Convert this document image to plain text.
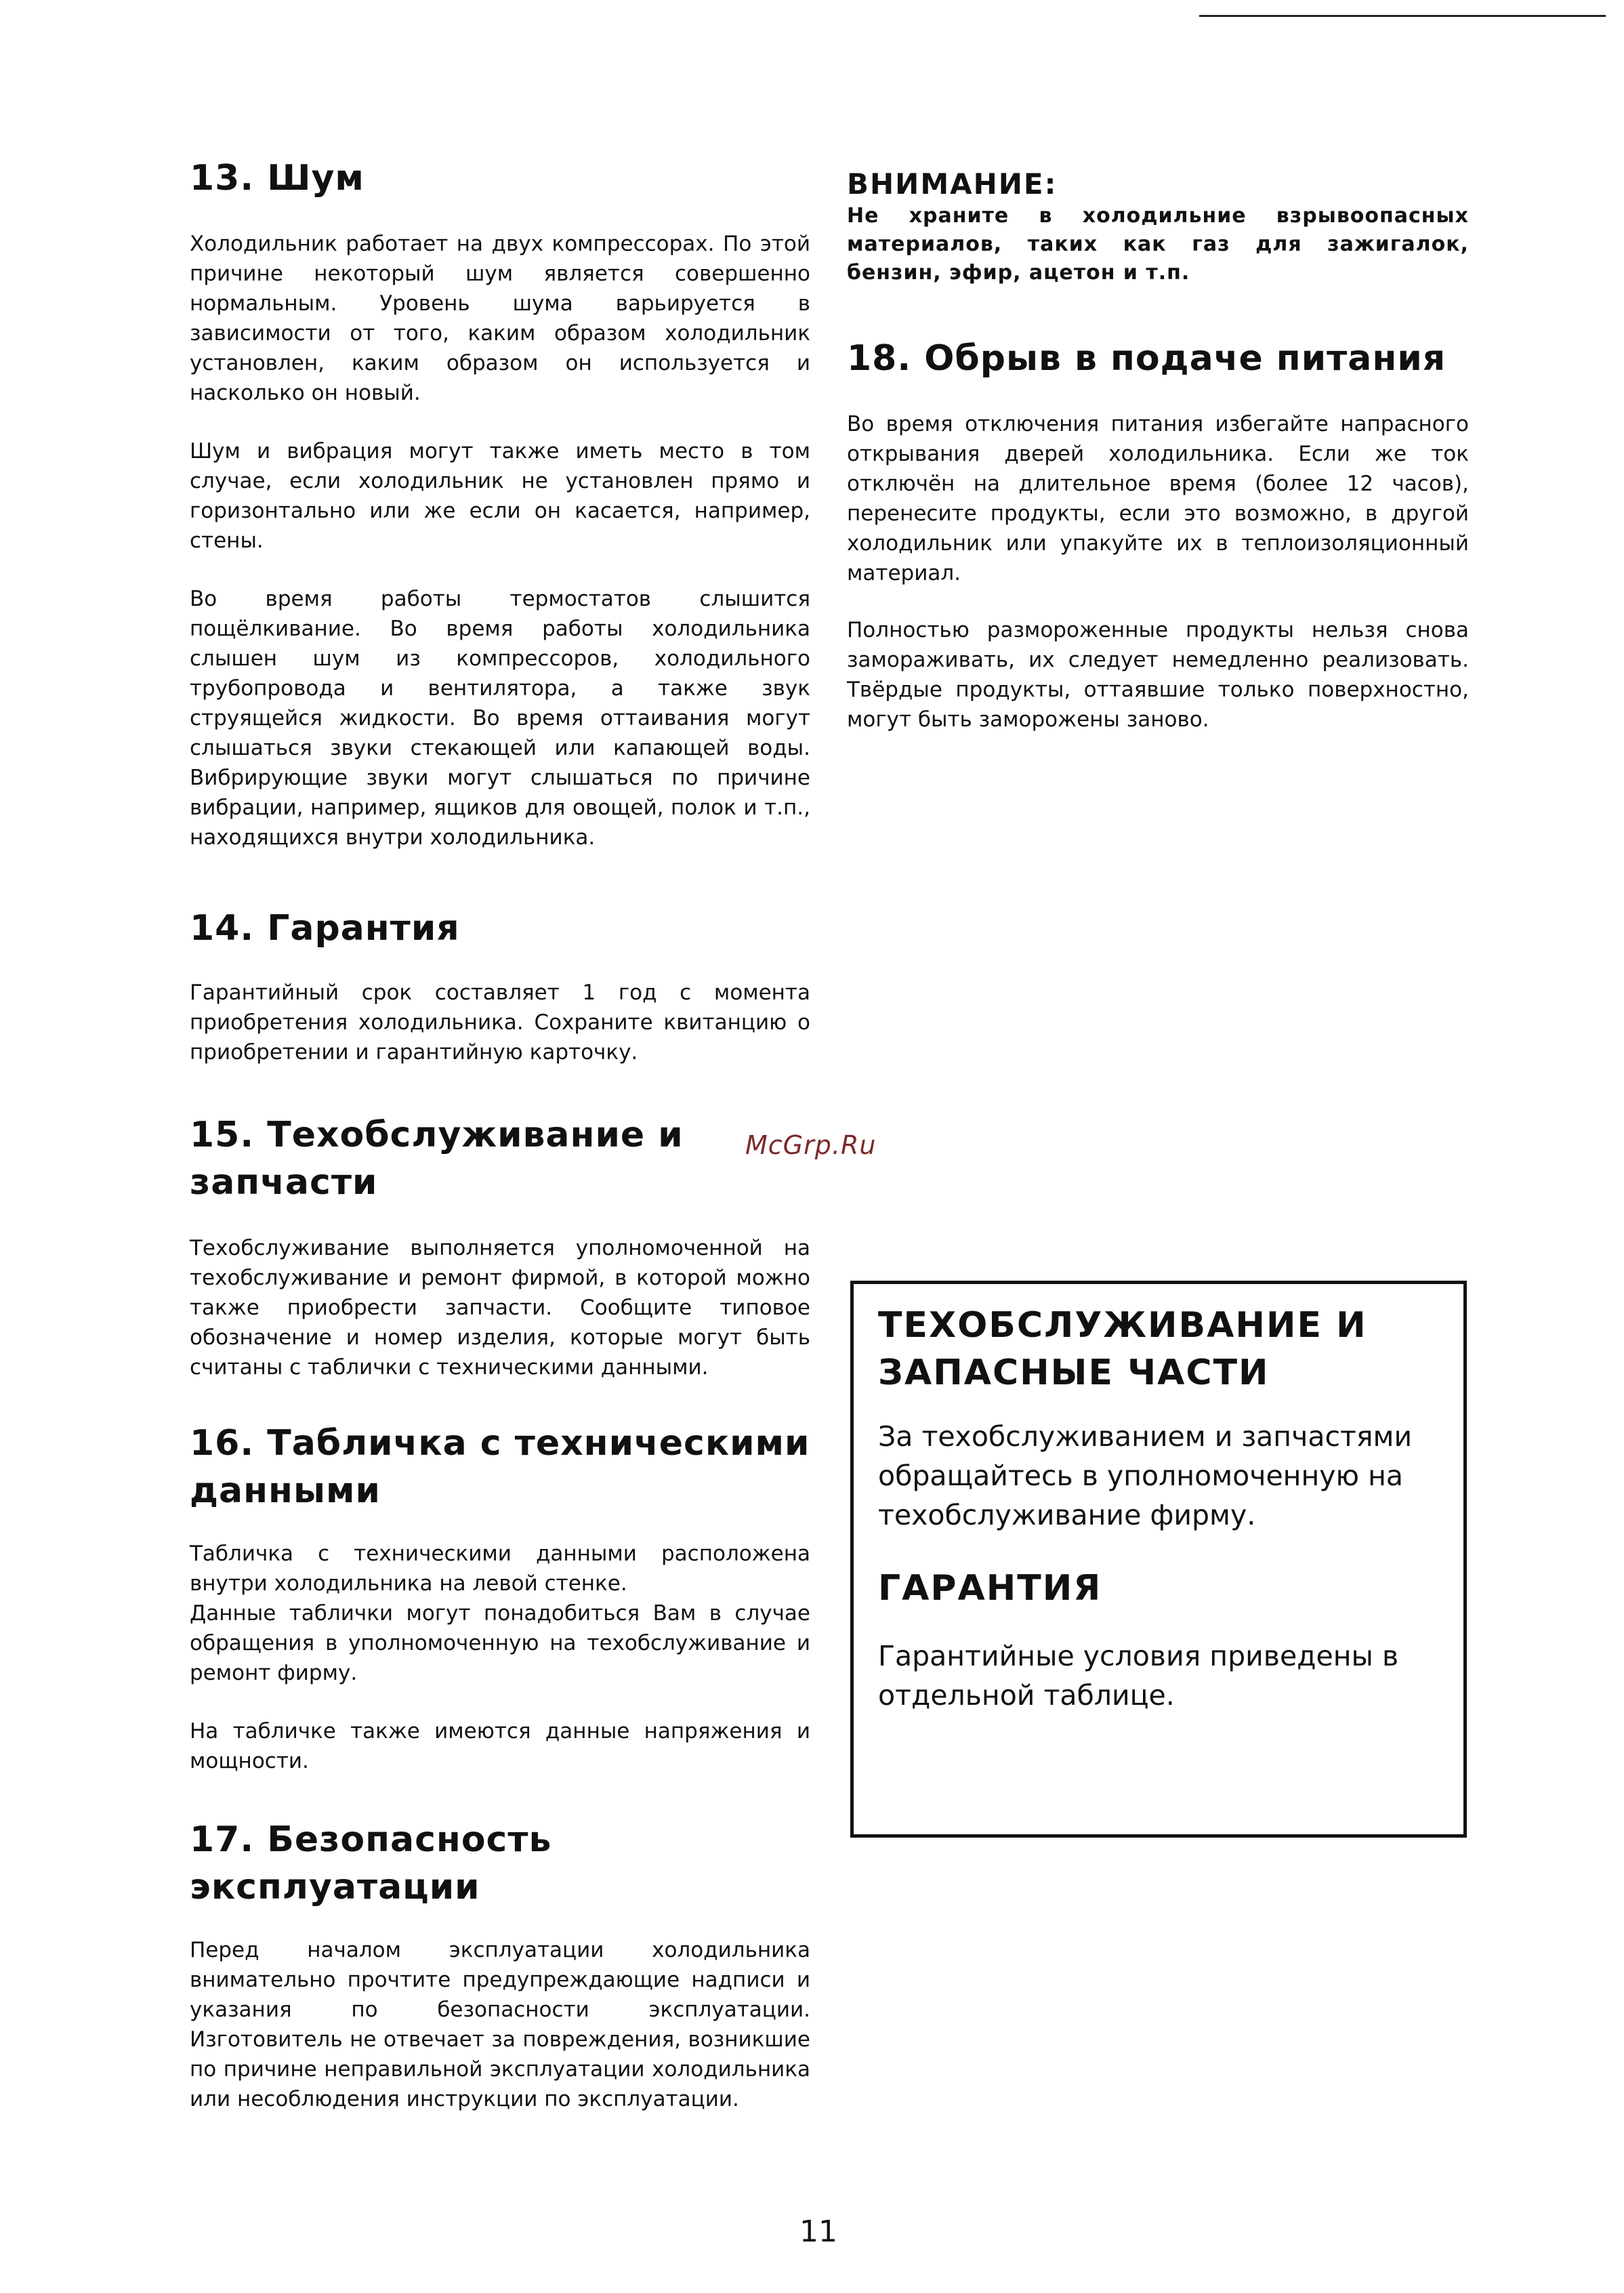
13. Шум

Холодильник работает на двух компрессорах. По этой причине некоторый шум является совершенно нормальным. Уровень шума варьируется в зависимости от того, каким образом холодильник установлен, каким образом он используется и насколько он новый.

Шум и вибрация могут также иметь место в том случае, если холодильник не установлен прямо и горизонтально или же если он касается, например, стены.

Во время работы термостатов слышится пощёлкивание. Во время работы холодильника слышен шум из компрессоров, холодильного трубопровода и вентилятора, а также звук струящейся жидкости. Во время оттаивания могут слышаться звуки стекающей или капающей воды. Вибрирующие звуки могут слышаться по причине вибрации, например, ящиков для овощей, полок и т.п., находящихся внутри холодильника.

14. Гарантия

Гарантийный срок составляет 1 год с момента приобретения холодильника. Сохраните квитанцию о приобретении и гарантийную карточку.

15. Техобслуживание и запчасти

Техобслуживание выполняется уполномоченной на техобслуживание и ремонт фирмой, в которой можно также приобрести запчасти. Сообщите типовое обозначение и номер изделия, которые могут быть считаны с таблички с техническими данными.

16. Табличка с техническими данными

Табличка с техническими данными расположена внутри холодильника на левой стенке.

Данные таблички могут понадобиться Вам в случае обращения в уполномоченную на техобслуживание и ремонт фирму.

На табличке также имеются данные напряжения и мощности.

17. Безопасность эксплуатации

Перед началом эксплуатации холодильника внимательно прочтите предупреждающие надписи и указания по безопасности эксплуатации. Изготовитель не отвечает за повреждения, возникшие по причине неправильной эксплуатации холодильника или несоблюдения инструкции по эксплуатации.

ВНИМАНИЕ:
Не храните в холодильние взрывоопасных материалов, таких как газ для зажигалок, бензин, эфир, ацетон и т.п.
18. Обрыв в подаче питания

Во время отключения питания избегайте напрасного открывания дверей холодильника. Если же ток отключён на длительное время (более 12 часов), перенесите продукты, если это возможно, в другой холодильник или упакуйте их в теплоизоляционный материал.

Полностью размороженные продукты нельзя снова замораживать, их следует немедленно реализовать. Твёрдые продукты, оттаявшие только поверхностно, могут быть заморожены заново.

McGrp.Ru
ТЕХОБСЛУЖИВАНИЕ И ЗАПАСНЫЕ ЧАСТИ

За техобслуживанием и запчастями обращайтесь в уполномоченную на техобслуживание фирму.

ГАРАНТИЯ

Гарантийные условия приведены в отдельной таблице.

11
